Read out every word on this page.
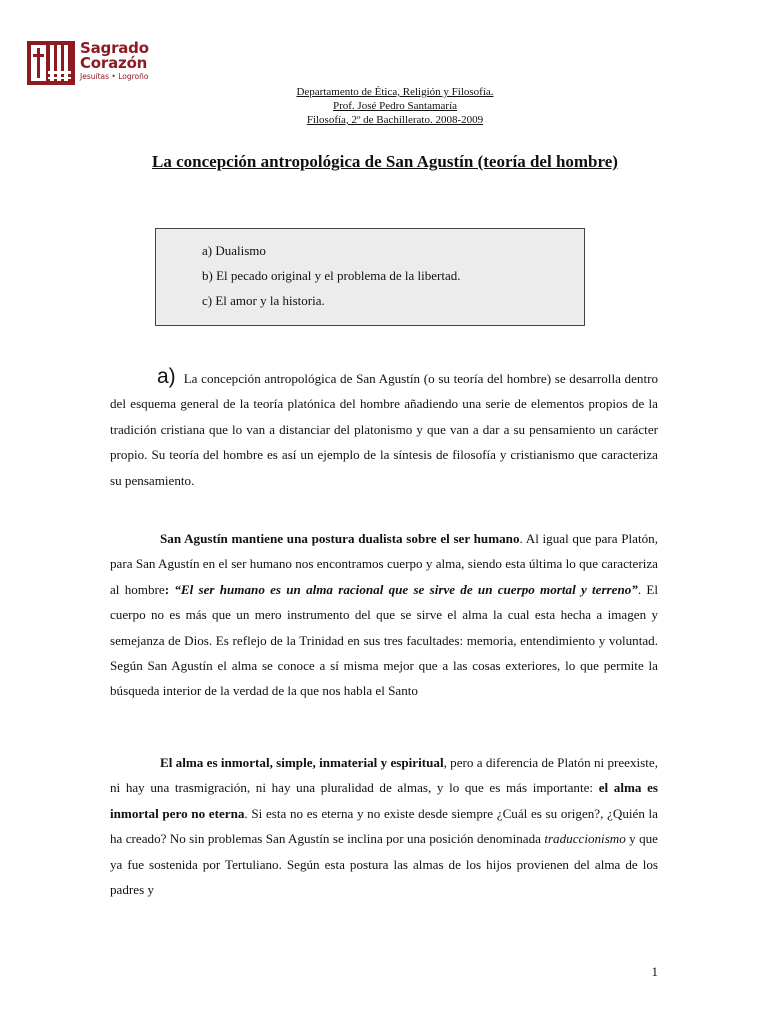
Sagrado
Corazón
Jesuitas • Logroño
Departamento de Ética, Religión y Filosofía.
Prof. José Pedro Santamaría
Filosofía, 2º de Bachillerato. 2008-2009
La concepción antropológica de San Agustín (teoría del hombre)
a) Dualismo
b) El pecado original y el problema de la libertad.
c) El amor y la historia.
a) La concepción antropológica de San Agustín (o su teoría del hombre) se desarrolla dentro del esquema general de la teoría platónica del hombre añadiendo una serie de elementos propios de la tradición cristiana que lo van a distanciar del platonismo y que van a dar a su pensamiento un carácter propio. Su teoría del hombre es así un ejemplo de la síntesis de filosofía y cristianismo que caracteriza su pensamiento.
San Agustín mantiene una postura dualista sobre el ser humano. Al igual que para Platón, para San Agustín en el ser humano nos encontramos cuerpo y alma, siendo esta última lo que caracteriza al hombre: “El ser humano es un alma racional que se sirve de un cuerpo mortal y terreno”. El cuerpo no es más que un mero instrumento del que se sirve el alma la cual esta hecha a imagen y semejanza de Dios. Es reflejo de la Trinidad en sus tres facultades: memoria, entendimiento y voluntad. Según San Agustín el alma se conoce a sí misma mejor que a las cosas exteriores, lo que permite la búsqueda interior de la verdad de la que nos habla el Santo
El alma es inmortal, simple, inmaterial y espiritual, pero a diferencia de Platón ni preexiste, ni hay una trasmigración, ni hay una pluralidad de almas, y lo que es más importante: el alma es inmortal pero no eterna. Si esta no es eterna y no existe desde siempre ¿Cuál es su origen?, ¿Quién la ha creado? No sin problemas San Agustín se inclina por una posición denominada traduccionismo y que ya fue sostenida por Tertuliano. Según esta postura las almas de los hijos provienen del alma de los padres y
1
